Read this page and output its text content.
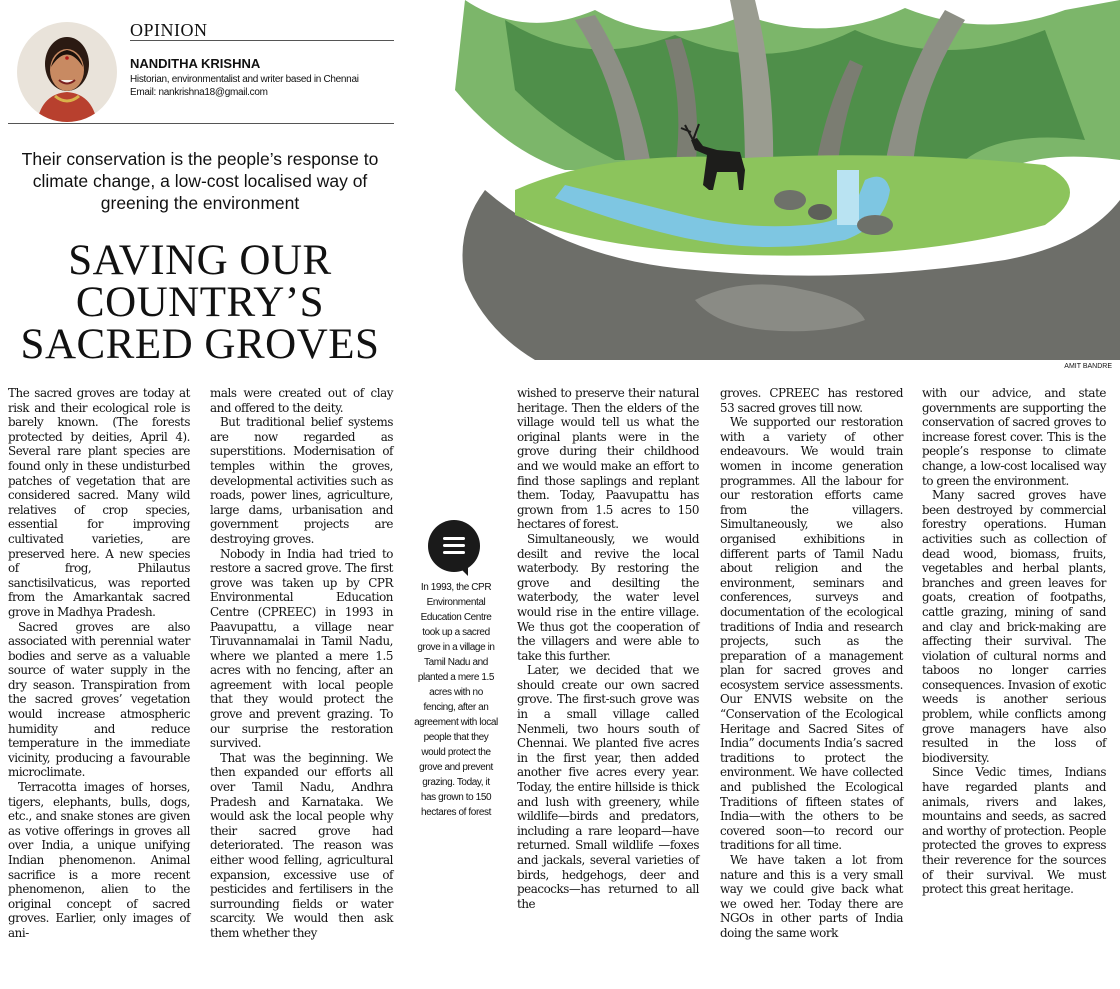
OPINION
NANDITHA KRISHNA
Historian, environmentalist and writer based in Chennai
Email: nankrishna18@gmail.com
Their conservation is the people’s response to climate change, a low-cost localised way of greening the environment
SAVING OUR
COUNTRY’S
SACRED GROVES	AMIT BANDRE

The sacred groves are today at risk and their ecological role is barely known. (The forests protected by deities, April 4). Several rare plant species are found only in these undisturbed patches of vegetation that are considered sacred. Many wild relatives of crop species, essential for improving cultivated varieties, are preserved here. A new species of frog, Philautus sanctisilvaticus, was reported from the Amarkantak sacred grove in Madhya Pradesh.

Sacred groves are also associated with perennial water bodies and serve as a valuable source of water supply in the dry season. Transpiration from the sacred groves’ vegetation would increase atmospheric humidity and reduce temperature in the immediate vicinity, producing a favourable microclimate.

Terracotta images of horses, tigers, elephants, bulls, dogs, etc., and snake stones are given as votive offerings in groves all over India, a unique unifying Indian phenomenon. Animal sacrifice is a more recent phenomenon, alien to the original concept of sacred groves. Earlier, only images of ani-

mals were created out of clay and offered to the deity.

But traditional belief systems are now regarded as superstitions. Modernisation of temples within the groves, developmental activities such as roads, power lines, agriculture, large dams, urbanisation and government projects are destroying groves.

Nobody in India had tried to restore a sacred grove. The first grove was taken up by CPR Environmental Education Centre (CPREEC) in 1993 in Paavupattu, a village near Tiruvannamalai in Tamil Nadu, where we planted a mere 1.5 acres with no fencing, after an agreement with local people that they would protect the grove and prevent grazing. To our surprise the restoration survived.

That was the beginning. We then expanded our efforts all over Tamil Nadu, Andhra Pradesh and Karnataka. We would ask the local people why their sacred grove had deteriorated. The reason was either wood felling, agricultural expansion, excessive use of pesticides and fertilisers in the surrounding fields or water scarcity. We would then ask them whether they

In 1993, the CPR Environmental Education Centre took up a sacred grove in a village in Tamil Nadu and planted a mere 1.5 acres with no fencing, after an agreement with local people that they would protect the grove and prevent grazing. Today, it has grown to 150 hectares of forest

wished to preserve their natural heritage. Then the elders of the village would tell us what the original plants were in the grove during their childhood and we would make an effort to find those saplings and replant them. Today, Paavupattu has grown from 1.5 acres to 150 hectares of forest.

Simultaneously, we would desilt and revive the local waterbody. By restoring the grove and desilting the waterbody, the water level would rise in the entire village. We thus got the cooperation of the villagers and were able to take this further.

Later, we decided that we should create our own sacred grove. The first-such grove was in a small village called Nenmeli, two hours south of Chennai. We planted five acres in the first year, then added another five acres every year. Today, the entire hillside is thick and lush with greenery, while wildlife—birds and predators, including a rare leopard—have returned. Small wildlife —foxes and jackals, several varieties of birds, hedgehogs, deer and peacocks—has returned to all the

groves. CPREEC has restored 53 sacred groves till now.

We supported our restoration with a variety of other endeavours. We would train women in income generation programmes. All the labour for our restoration efforts came from the villagers. Simultaneously, we also organised exhibitions in different parts of Tamil Nadu about religion and the environment, seminars and conferences, surveys and documentation of the ecological traditions of India and research projects, such as the preparation of a management plan for sacred groves and ecosystem service assessments. Our ENVIS website on the “Conservation of the Ecological Heritage and Sacred Sites of India” documents India’s sacred traditions to protect the environment. We have collected and published the Ecological Traditions of fifteen states of India—with the others to be covered soon—to record our traditions for all time.

We have taken a lot from nature and this is a very small way we could give back what we owed her. Today there are NGOs in other parts of India doing the same work

with our advice, and state governments are supporting the conservation of sacred groves to increase forest cover. This is the people’s response to climate change, a low-cost localised way to green the environment.

Many sacred groves have been destroyed by commercial forestry operations. Human activities such as collection of dead wood, biomass, fruits, vegetables and herbal plants, branches and green leaves for goats, creation of footpaths, cattle grazing, mining of sand and clay and brick-making are affecting their survival. The violation of cultural norms and taboos no longer carries consequences. Invasion of exotic weeds is another serious problem, while conflicts among grove managers have also resulted in the loss of biodiversity.

Since Vedic times, Indians have regarded plants and animals, rivers and lakes, mountains and seeds, as sacred and worthy of protection. People protected the groves to express their reverence for the sources of their survival. We must protect this great heritage.
